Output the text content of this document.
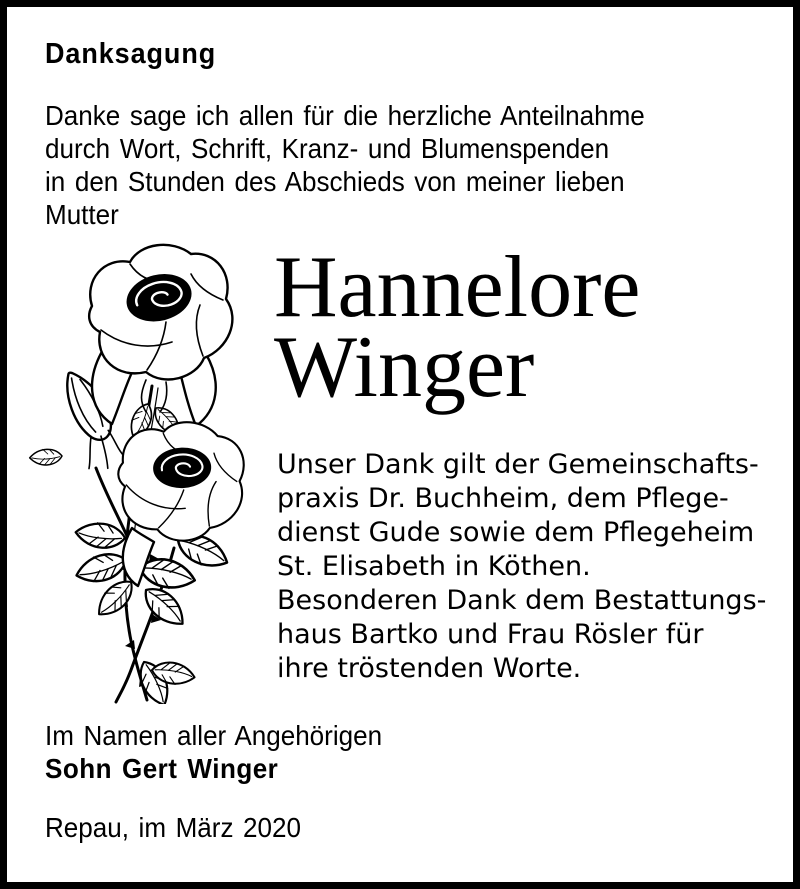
Danksagung
Danke sage ich allen für die herzliche Anteilnahme
durch Wort, Schrift, Kranz- und Blumenspenden
in den Stunden des Abschieds von meiner lieben
Mutter
Hannelore
Winger
Unser Dank gilt der Gemeinschafts-
praxis Dr. Buchheim, dem Pflege-
dienst Gude sowie dem Pflegeheim
St. Elisabeth in Köthen.
Besonderen Dank dem Bestattungs-
haus Bartko und Frau Rösler für
ihre tröstenden Worte.
Im Namen aller Angehörigen
Sohn Gert Winger
Repau, im März 2020
